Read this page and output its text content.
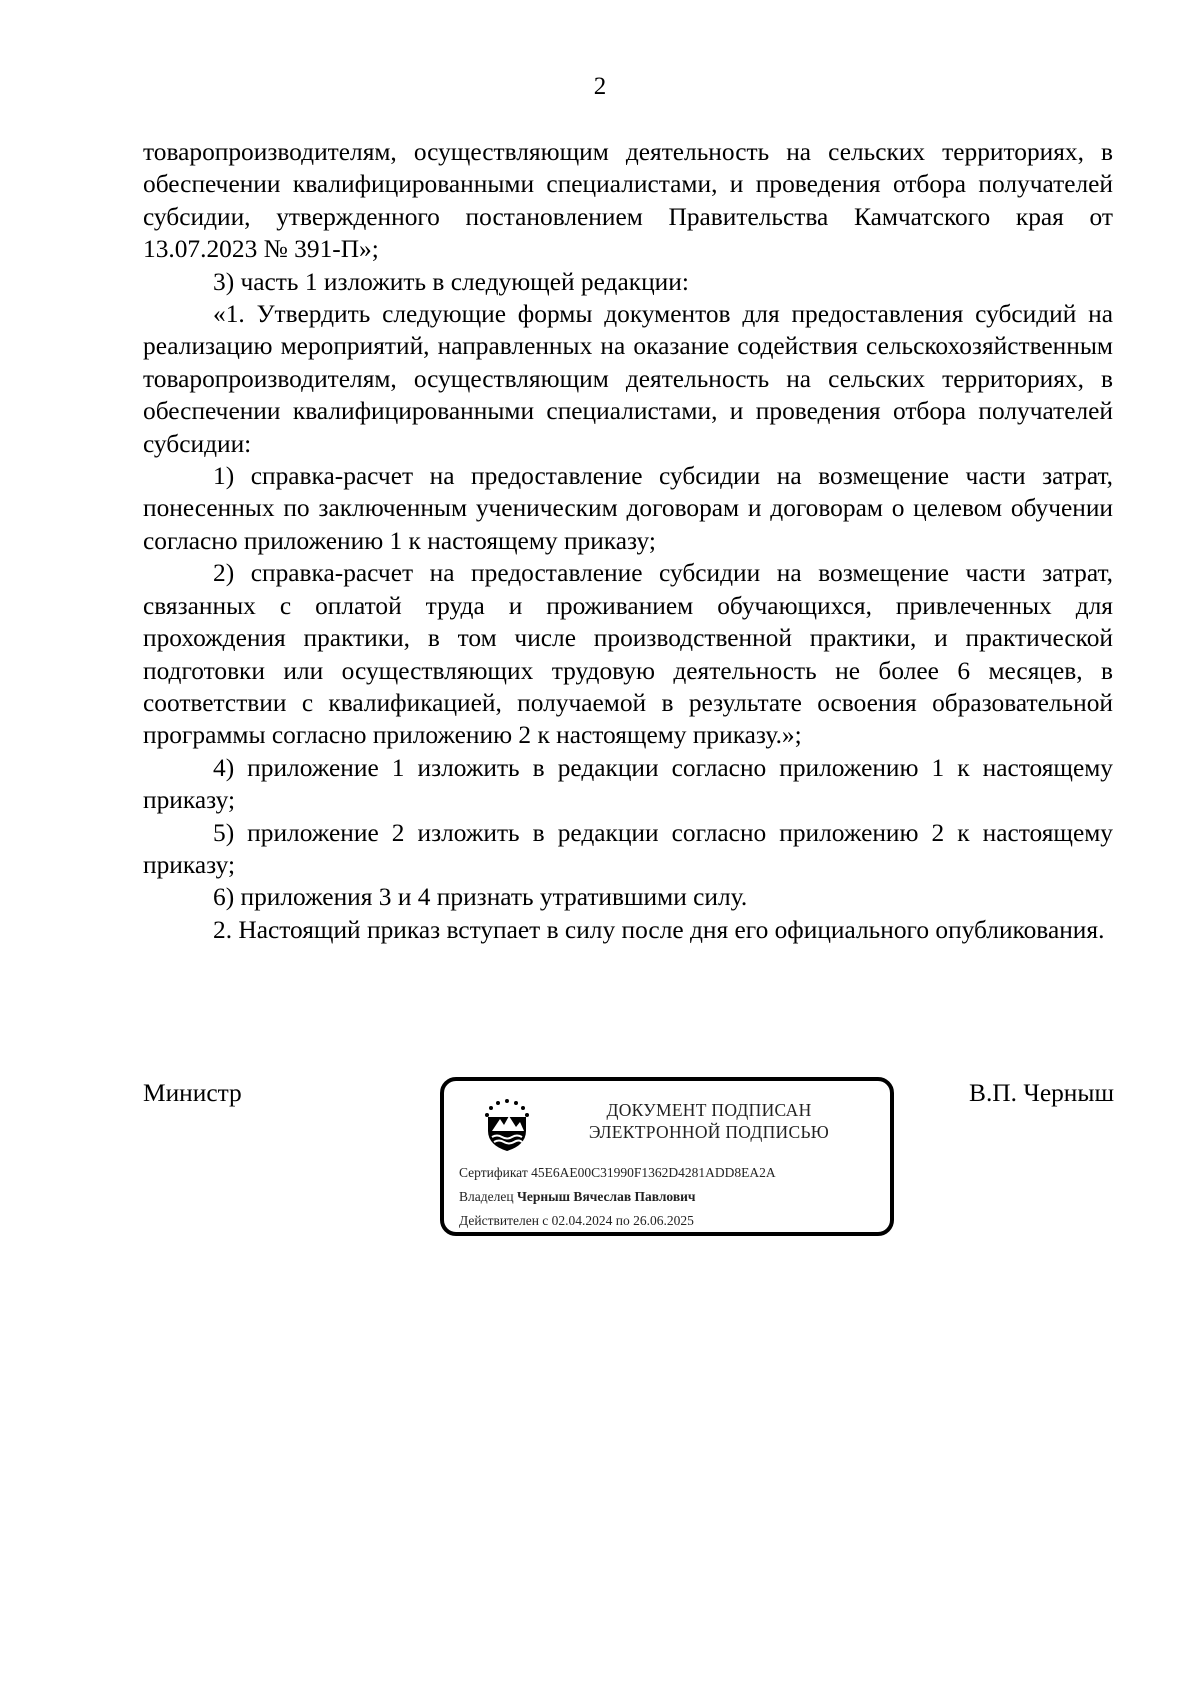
2

товаропроизводителям, осуществляющим деятельность на сельских территориях, в обеспечении квалифицированными специалистами, и проведения отбора получателей субсидии, утвержденного постановлением Правительства Камчатского края от 13.07.2023 № 391-П»;

3) часть 1 изложить в следующей редакции:

«1. Утвердить следующие формы документов для предоставления субсидий на реализацию мероприятий, направленных на оказание содействия сельскохозяйственным товаропроизводителям, осуществляющим деятельность на сельских территориях, в обеспечении квалифицированными специалистами, и проведения отбора получателей субсидии:

1) справка-расчет на предоставление субсидии на возмещение части затрат, понесенных по заключенным ученическим договорам и договорам о целевом обучении согласно приложению 1 к настоящему приказу;

2) справка-расчет на предоставление субсидии на возмещение части затрат, связанных с оплатой труда и проживанием обучающихся, привлеченных для прохождения практики, в том числе производственной практики, и практической подготовки или осуществляющих трудовую деятельность не более 6 месяцев, в соответствии с квалификацией, получаемой в результате освоения образовательной программы согласно приложению 2 к настоящему приказу.»;

4) приложение 1 изложить в редакции согласно приложению 1 к настоящему приказу;

5) приложение 2 изложить в редакции согласно приложению 2 к настоящему приказу;

6) приложения 3 и 4 признать утратившими силу.

2. Настоящий приказ вступает в силу после дня его официального опубликования.

Министр	В.П. Черныш
ДОКУМЕНТ ПОДПИСАН
ЭЛЕКТРОННОЙ ПОДПИСЬЮ
Сертификат 45E6AE00C31990F1362D4281ADD8EA2A
Владелец Черныш Вячеслав Павлович
Действителен с 02.04.2024 по 26.06.2025
